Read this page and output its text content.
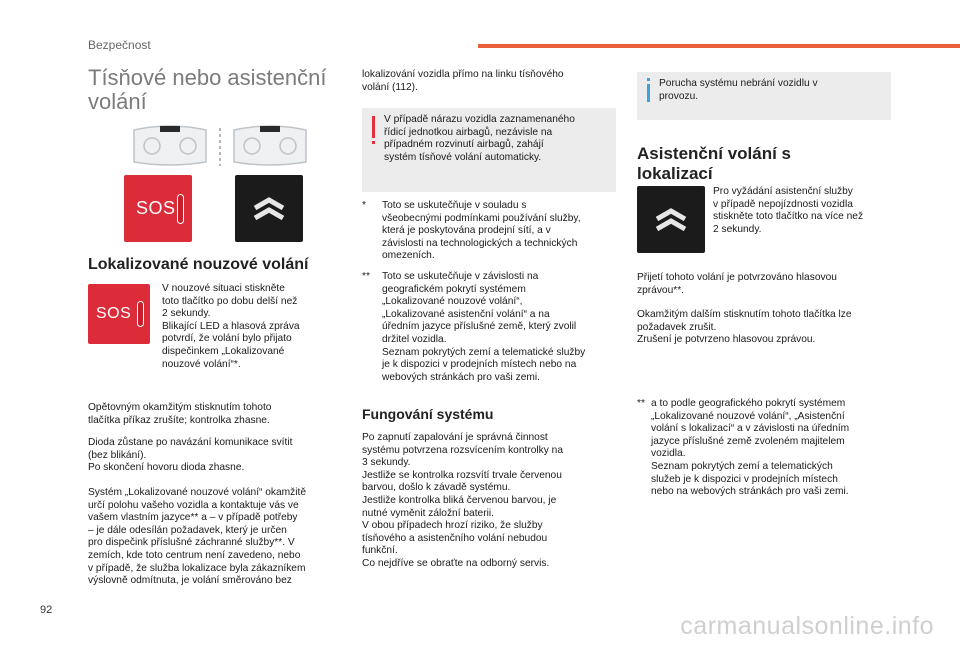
Bezpečnost
Tísňové nebo asistenční
volání
SOS
Lokalizované nouzové volání
SOS

V nouzové situaci stiskněte
toto tlačítko po dobu delší než
2 sekundy.
Blikající LED a hlasová zpráva
potvrdí, že volání bylo přijato
dispečinkem „Lokalizované
nouzové volání“*.

Opětovným okamžitým stisknutím tohoto
tlačítka příkaz zrušíte; kontrolka zhasne.

Dioda zůstane po navázání komunikace svítit
(bez blikání).
Po skončení hovoru dioda zhasne.

Systém „Lokalizované nouzové volání“ okamžitě
určí polohu vašeho vozidla a kontaktuje vás ve
vašem vlastním jazyce** a – v případě potřeby
– je dále odesílán požadavek, který je určen
pro dispečink příslušné záchranné služby**. V
zemích, kde toto centrum není zavedeno, nebo
v případě, že služba lokalizace byla zákazníkem
výslovně odmítnuta, je volání směrováno bez

lokalizování vozidla přímo na linku tísňového
volání (112).

V případě nárazu vozidla zaznamenaného
řídicí jednotkou airbagů, nezávisle na
případném rozvinutí airbagů, zahájí
systém tísňové volání automaticky.
*	Toto se uskutečňuje v souladu s
všeobecnými podmínkami používání služby,
která je poskytována prodejní sítí, a v
závislosti na technologických a technických
omezeních.
**	Toto se uskutečňuje v závislosti na
geografickém pokrytí systémem
„Lokalizované nouzové volání“,
„Lokalizované asistenční volání“ a na
úředním jazyce příslušné země, který zvolil
držitel vozidla.
Seznam pokrytých zemí a telematické služby
je k dispozici v prodejních místech nebo na
webových stránkách pro vaši zemi.
Fungování systému

Po zapnutí zapalování je správná činnost
systému potvrzena rozsvícením kontrolky na
3 sekundy.
Jestliže se kontrolka rozsvítí trvale červenou
barvou, došlo k závadě systému.
Jestliže kontrolka bliká červenou barvou, je
nutné vyměnit záložní baterii.
V obou případech hrozí riziko, že služby
tísňového a asistenčního volání nebudou
funkční.
Co nejdříve se obraťte na odborný servis.

Porucha systému nebrání vozidlu v
provozu.
Asistenční volání s
lokalizací

Pro vyžádání asistenční služby
v případě nepojízdnosti vozidla
stiskněte toto tlačítko na více než
2 sekundy.

Přijetí tohoto volání je potvrzováno hlasovou
zprávou**.

Okamžitým dalším stisknutím tohoto tlačítka lze
požadavek zrušit.
Zrušení je potvrzeno hlasovou zprávou.

** a to podle geografického pokrytí systémem
„Lokalizované nouzové volání“, „Asistenční
volání s lokalizací“ a v závislosti na úředním
jazyce příslušné země zvoleném majitelem
vozidla.
Seznam pokrytých zemí a telematických
služeb je k dispozici v prodejních místech
nebo na webových stránkách pro vaši zemi.
92
carmanualsonline.info
